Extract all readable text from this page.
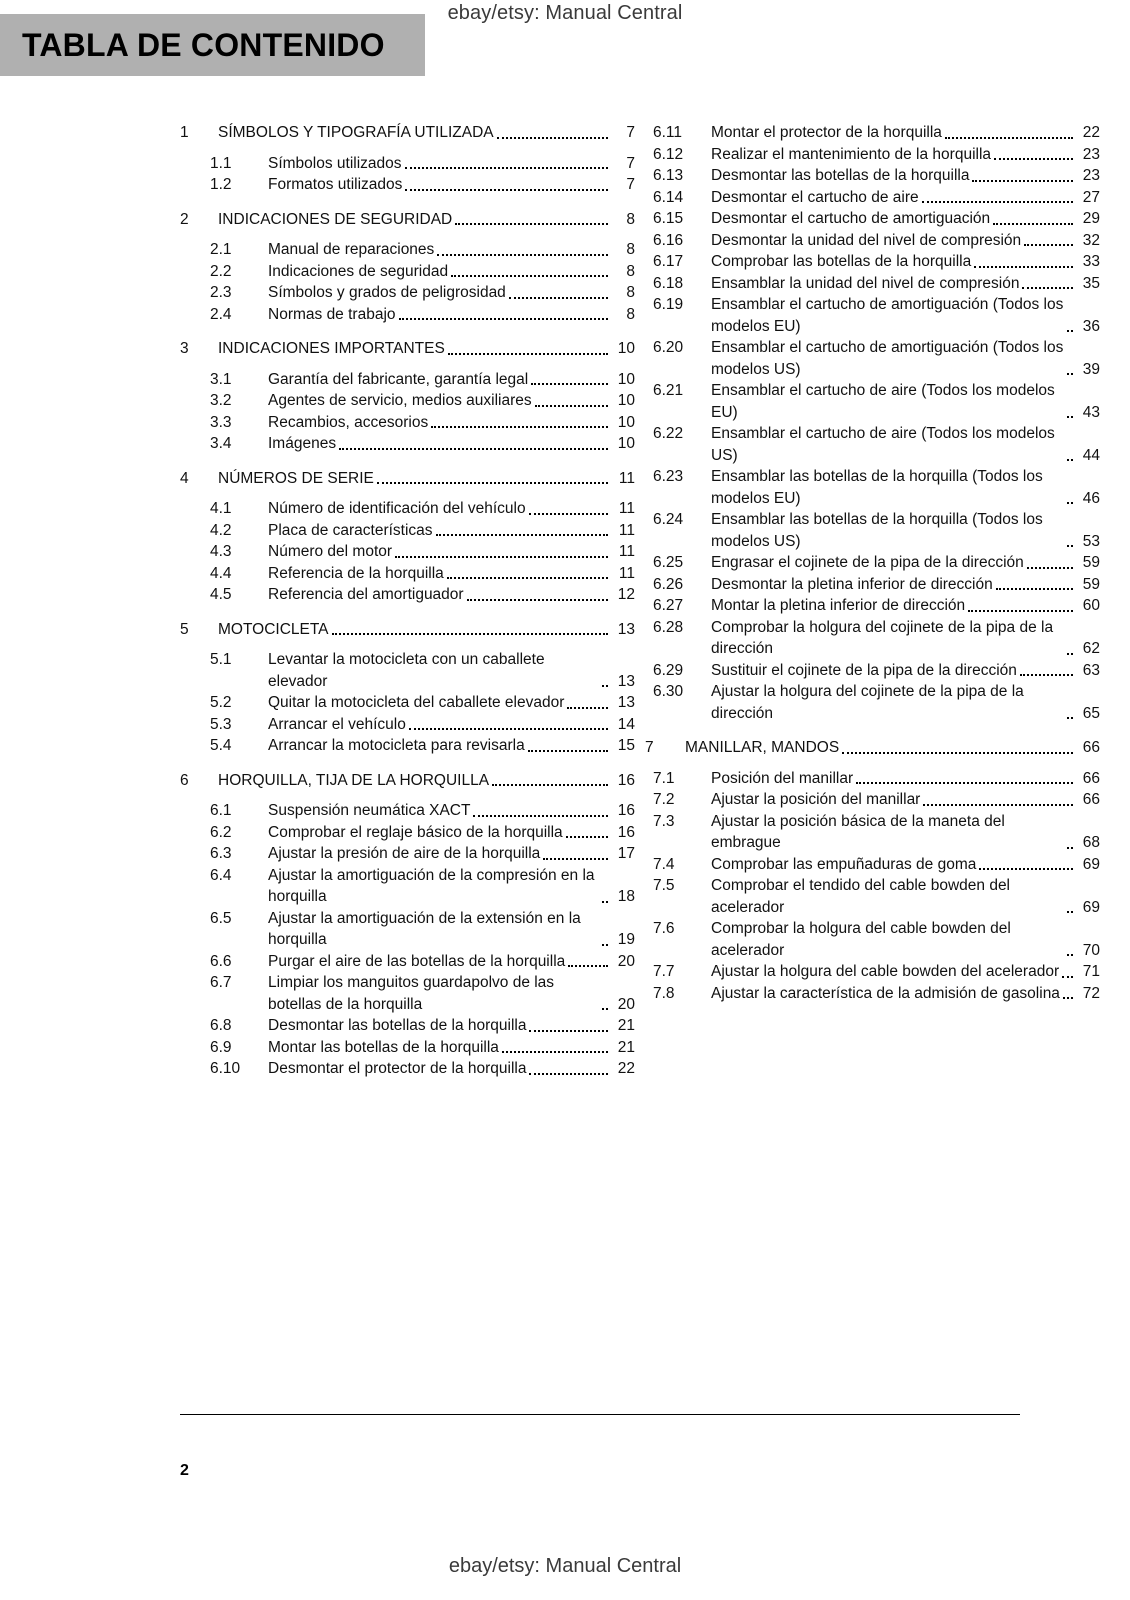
ebay/etsy: Manual Central
TABLA DE CONTENIDO
1	SÍMBOLOS Y TIPOGRAFÍA UTILIZADA	7
1.1	Símbolos utilizados	7
1.2	Formatos utilizados	7
2	INDICACIONES DE SEGURIDAD	8
2.1	Manual de reparaciones	8
2.2	Indicaciones de seguridad	8
2.3	Símbolos y grados de peligrosidad	8
2.4	Normas de trabajo	8
3	INDICACIONES IMPORTANTES	10
3.1	Garantía del fabricante, garantía legal	10
3.2	Agentes de servicio, medios auxiliares	10
3.3	Recambios, accesorios	10
3.4	Imágenes	10
4	NÚMEROS DE SERIE	11
4.1	Número de identificación del vehículo	11
4.2	Placa de características	11
4.3	Número del motor	11
4.4	Referencia de la horquilla	11
4.5	Referencia del amortiguador	12
5	MOTOCICLETA	13
5.1	Levantar la motocicleta con un caballete elevador	13
5.2	Quitar la motocicleta del caballete elevador	13
5.3	Arrancar el vehículo	14
5.4	Arrancar la motocicleta para revisarla	15
6	HORQUILLA, TIJA DE LA HORQUILLA	16
6.1	Suspensión neumática XACT	16
6.2	Comprobar el reglaje básico de la horquilla	16
6.3	Ajustar la presión de aire de la horquilla	17
6.4	Ajustar la amortiguación de la compresión en la horquilla	18
6.5	Ajustar la amortiguación de la extensión en la horquilla	19
6.6	Purgar el aire de las botellas de la horquilla	20
6.7	Limpiar los manguitos guardapolvo de las botellas de la horquilla	20
6.8	Desmontar las botellas de la horquilla	21
6.9	Montar las botellas de la horquilla	21
6.10	Desmontar el protector de la horquilla	22
6.11	Montar el protector de la horquilla	22
6.12	Realizar el mantenimiento de la horquilla	23
6.13	Desmontar las botellas de la horquilla	23
6.14	Desmontar el cartucho de aire	27
6.15	Desmontar el cartucho de amortiguación	29
6.16	Desmontar la unidad del nivel de compresión	32
6.17	Comprobar las botellas de la horquilla	33
6.18	Ensamblar la unidad del nivel de compresión	35
6.19	Ensamblar el cartucho de amortiguación (Todos los modelos EU)	36
6.20	Ensamblar el cartucho de amortiguación (Todos los modelos US)	39
6.21	Ensamblar el cartucho de aire (Todos los modelos EU)	43
6.22	Ensamblar el cartucho de aire (Todos los modelos US)	44
6.23	Ensamblar las botellas de la horquilla (Todos los modelos EU)	46
6.24	Ensamblar las botellas de la horquilla (Todos los modelos US)	53
6.25	Engrasar el cojinete de la pipa de la dirección	59
6.26	Desmontar la pletina inferior de dirección	59
6.27	Montar la pletina inferior de dirección	60
6.28	Comprobar la holgura del cojinete de la pipa de la dirección	62
6.29	Sustituir el cojinete de la pipa de la dirección	63
6.30	Ajustar la holgura del cojinete de la pipa de la dirección	65
7	MANILLAR, MANDOS	66
7.1	Posición del manillar	66
7.2	Ajustar la posición del manillar	66
7.3	Ajustar la posición básica de la maneta del embrague	68
7.4	Comprobar las empuñaduras de goma	69
7.5	Comprobar el tendido del cable bowden del acelerador	69
7.6	Comprobar la holgura del cable bowden del acelerador	70
7.7	Ajustar la holgura del cable bowden del acelerador	71
7.8	Ajustar la característica de la admisión de gasolina	72
2
ebay/etsy: Manual Central
